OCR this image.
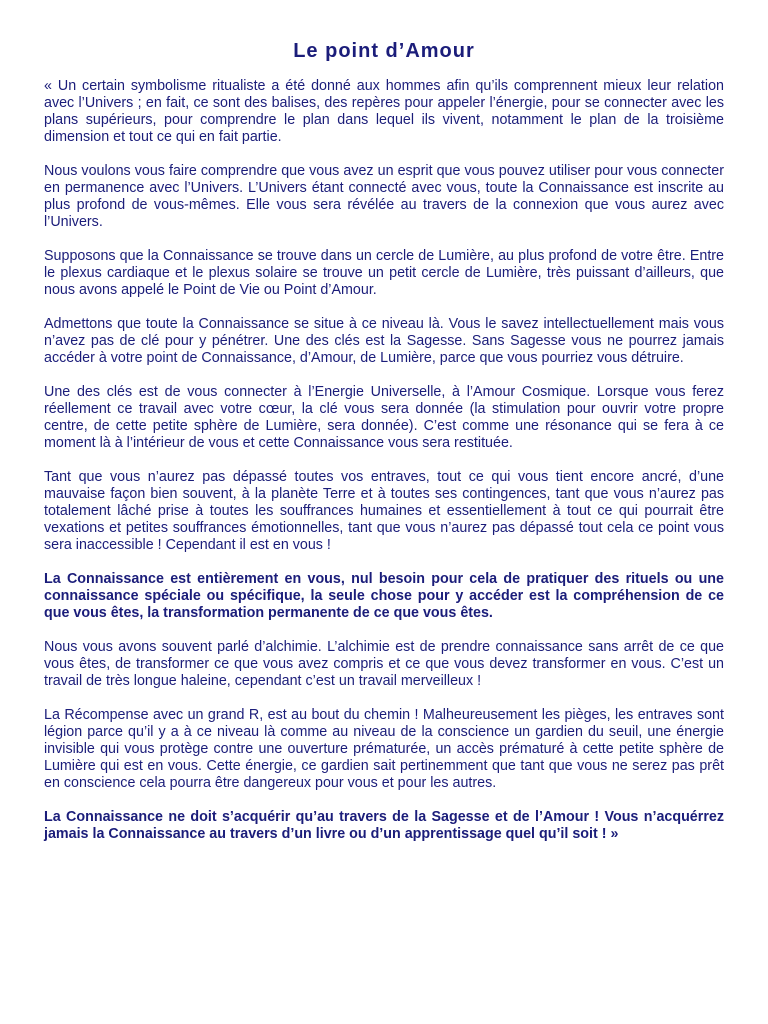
Le point d’Amour

« Un certain symbolisme ritualiste a été donné aux hommes afin qu’ils comprennent mieux leur relation avec l’Univers ; en fait, ce sont des balises, des repères pour appeler l’énergie, pour se connecter avec les plans supérieurs, pour comprendre le plan dans lequel ils vivent, notamment le plan de la troisième dimension et tout ce qui en fait partie.

Nous voulons vous faire comprendre que vous avez un esprit que vous pouvez utiliser pour vous connecter en permanence avec l’Univers. L’Univers étant connecté avec vous, toute la Connaissance est inscrite au plus profond de vous-mêmes. Elle vous sera révélée au travers de la connexion que vous aurez avec l’Univers.

Supposons que la Connaissance se trouve dans un cercle de Lumière, au plus profond de votre être. Entre le plexus cardiaque et le plexus solaire se trouve un petit cercle de Lumière, très puissant d’ailleurs, que nous avons appelé le Point de Vie ou Point d’Amour.

Admettons que toute la Connaissance se situe à ce niveau là. Vous le savez intellectuellement mais vous n’avez pas de clé pour y pénétrer. Une des clés est la Sagesse. Sans Sagesse vous ne pourrez jamais accéder à votre point de Connaissance, d’Amour, de Lumière, parce que vous pourriez vous détruire.

Une des clés est de vous connecter à l’Energie Universelle, à l’Amour Cosmique. Lorsque vous ferez réellement ce travail avec votre cœur, la clé vous sera donnée (la stimulation pour ouvrir votre propre centre, de cette petite sphère de Lumière, sera donnée). C’est comme une résonance qui se fera à ce moment là à l’intérieur de vous et cette Connaissance vous sera restituée.

Tant que vous n’aurez pas dépassé toutes vos entraves, tout ce qui vous tient encore ancré, d’une mauvaise façon bien souvent, à la planète Terre et à toutes ses contingences, tant que vous n’aurez pas totalement lâché prise à toutes les souffrances humaines et essentiellement à tout ce qui pourrait être vexations et petites souffrances émotionnelles, tant que vous n’aurez pas dépassé tout cela ce point vous sera inaccessible ! Cependant il est en vous !

La Connaissance est entièrement en vous, nul besoin pour cela de pratiquer des rituels ou une connaissance spéciale ou spécifique, la seule chose pour y accéder est la compréhension de ce que vous êtes, la transformation permanente de ce que vous êtes.

Nous vous avons souvent parlé d’alchimie. L’alchimie est de prendre connaissance sans arrêt de ce que vous êtes, de transformer ce que vous avez compris et ce que vous devez transformer en vous. C’est un travail de très longue haleine, cependant c’est un travail merveilleux !

La Récompense avec un grand R, est au bout du chemin ! Malheureusement les pièges, les entraves sont légion parce qu’il y a à ce niveau là comme au niveau de la conscience un gardien du seuil, une énergie invisible qui vous protège contre une ouverture prématurée, un accès prématuré à cette petite sphère de Lumière qui est en vous. Cette énergie, ce gardien sait pertinemment que tant que vous ne serez pas prêt en conscience cela pourra être dangereux pour vous et pour les autres.

La Connaissance ne doit s’acquérir qu’au travers de la Sagesse et de l’Amour ! Vous n’acquérrez jamais la Connaissance au travers d’un livre ou d’un apprentissage quel qu’il soit ! »
